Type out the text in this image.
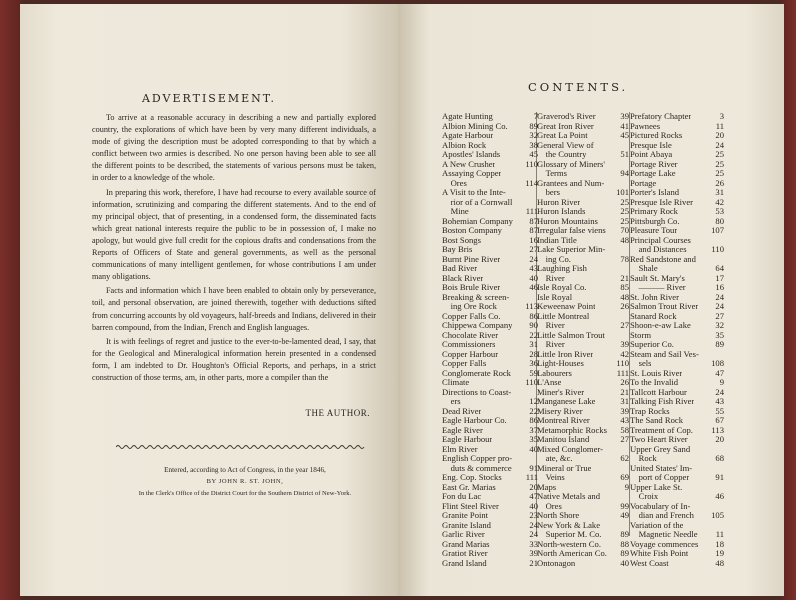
ADVERTISEMENT.

To arrive at a reasonable accuracy in describing a new and partially explored country, the explorations of which have been by very many different individuals, a mode of giving the description must be adopted corresponding to that by which a conflict between two armies is described. No one person having been able to see all the different points to be described, the statements of various persons must be taken, in order to a knowledge of the whole.

In preparing this work, therefore, I have had recourse to every available source of information, scrutinizing and comparing the different statements. And to the end of my principal object, that of presenting, in a condensed form, the disseminated facts which great national interests require the public to be in possession of, I make no apology, but would give full credit for the copious drafts and condensations from the Reports of Officers of State and general governments, as well as the personal communications of many intelligent gentlemen, for whose contributions I am under many obligations.

Facts and information which I have been enabled to obtain only by perseverance, toil, and personal observation, are joined therewith, together with deductions sifted from concurring accounts by old voyageurs, half-breeds and Indians, delivered in their barren compound, from the Indian, French and English languages.

It is with feelings of regret and justice to the ever-to-be-lamented dead, I say, that for the Geological and Mineralogical information herein presented in a condensed form, I am indebted to Dr. Houghton's Official Reports, and perhaps, in a strict construction of those terms, am, in other parts, more a compiler than the

THE AUTHOR.
Entered, according to Act of Congress, in the year 1846,
BY JOHN R. ST. JOHN,
In the Clerk's Office of the District Court for the Southern District of New-York.
CONTENTS.
Agate Hunting	7
Albion Mining Co.	89
Agate Harbour	32
Albion Rock	38
Apostles' Islands	45
A New Crusher	110
Assaying Copper
 Ores	114
A Visit to the Inte-
 rior of a Cornwall
 Mine	111
Bohemian Company 87
Boston Company	87
Bost Songs	16
Bay Bris	27
Burnt Pine River	24
Bad River	43
Black River	40
Bois Brule River	46
Breaking & screen-
 ing Ore Rock	113
Copper Falls Co.	86
Chippewa Company 90
Chocolate River	22
Commissioners	31
Copper Harbour	28
Copper Falls	36
Conglomerate Rock 59
Climate	110
Directions to Coast-
 ers	12
Dead River	22
Eagle Harbour Co.	86
Eagle River	37
Eagle Harbour	35
Elm River	40
English Copper pro-
 duts & commerce 91
Eng. Cop. Stocks	111
East Gr. Marias	20
Fon du Lac	47
Flint Steel River	40
Granite Point	23
Granite Island	24
Garlic River	24
Grand Marias	33
Gratiot River	39
Grand Island	21
Graverod's River	39
Great Iron River	41
Great La Point	45
General View of
 the Country	51
Glossary of Miners'
 Terms	94
Grantees and Num-
 bers	101
Huron River	25
Huron Islands	25
Huron Mountains	25
Irregular false viens 70
Indian Title	48
Lake Superior Min-
 ing Co.	78
Laughing Fish
 River	21
Isle Royal Co.	85
Isle Royal	48
Keweenaw Point	26
Little Montreal
 River	27
Little Salmon Trout
 River	39
Little Iron River	42
Light-Houses	110
Labourers	111
L'Anse	26
Miner's River	21
Manganese Lake	31
Misery River	39
Montreal River	43
Metamorphic Rocks 58
Manitou Island	27
Mixed Conglomer-
 ate, &c.	62
Mineral or True
 Veins	69
Maps	9
Native Metals and
 Ores	99
North Shore	49
New York & Lake
 Superior M. Co. 89
North-western Co. 88
North American Co. 89
Ontonagon	40
Prefatory Chapter	3
Pawnees	11
Pictured Rocks	20
Presque Isle	24
Point Abaya	25
Portage River	25
Portage Lake	25
Portage	26
Porter's Island	31
Presque Isle River	42
Primary Rock	53
Pittsburgh Co.	80
Pleasure Tour	107
Principal Courses
 and Distances	110
Red Sandstone and
 Shale	64
Sault St. Mary's	17
 ——— River	16
St. John River	24
Salmon Trout River 24
Stanard Rock	27
Shoon-e-aw Lake	32
Storm	35
Superior Co.	89
Steam and Sail Ves-
 sels	108
St. Louis River	47
To the Invalid	9
Tallcott Harbour	24
Talking Fish River 43
Trap Rocks	55
The Sand Rock	67
Treatment of Cop. 113
Two Heart River	20
Upper Grey Sand
 Rock	68
United States' Im-
 port of Copper	91
Upper Lake St.
 Croix	46
Vocabulary of In-
 dian and French 105
Variation of the
 Magnetic Needle 11
Voyage commences 18
White Fish Point	19
West Coast	48
